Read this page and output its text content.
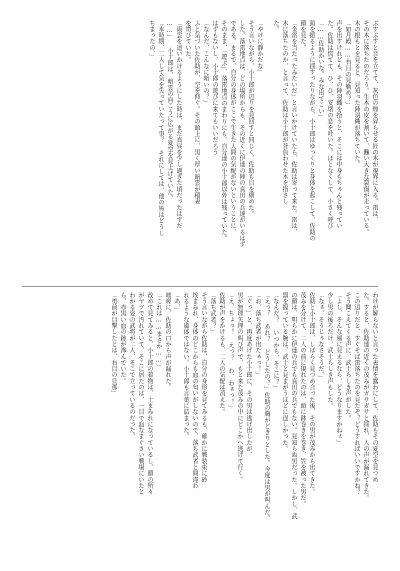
ぶすぶすと音を立てて、灰色の煙を昇らせる匠の木が視界に入る。雷は、
その木に落ちたのだろう。生木の皮を割いて、醜い大きな裂傷が走っている。
木の根もとを見ると、見知った陣羽織が落ちていた。
「如月殿……右目の見勤め？」
声を出すけれども、その陣羽織を拾うと、そこには中身もちゃんと残ってい
た。佐助は慌てて、ひ、ひ、安堵の息を吐いた。ほとなくして、小さく呼び
「……佐助かいな。みな出てこい」
頭を振るように揺すったりながら、小十郎はゆっくりと身体を起こして、佐助の
顔を見た。
「金雷を当たったみたいだ」と言いかけていたら、佐助は寄って来た。雷は、
木に落ちたのか、と言って、佐助は小十郎が背負わせた木を指さし
た。
「やけに静かだな」
そう言いながら、小十郎が辺りを見回すと同じく、佐助も目を細めた。
した。落雷地点は、どの場所からも、その近くに伊達の陣の真田の兵達がいるはず
である。まるで、自分の身体がここで生きた人間の気配がないということに、
そのまま、「遊ぶ」、落雷地点のまわりにも、自分達の小十郎以外は残っていた。
はずもないし、小十郎の遊びに来てもいいだろう
「なんだ、こんなに暗いの？」
ふと気づいた佐助が、空を仰ぐ。その頭上に、黒く厚い暗雲が稲妻
を帯びていた。
「雨雲を追いかけるようにした時は、まだ真昼を少し過ぎた頃だったはずだ
……」 小十郎は、暗雲の向こうに広がる夏空を見上げていた。
「本時期、二人して気を失っていたって事？ それにしては、他の皆はどうし
ちまったの、」
わけが解らないと言った表情を露わにして、佐助もその夏空を見つめ
た。すると、佐助達の近くの茂みがガサガサと揺れ、人の声が漏れてきた。
この辺りだと、すぐそば雷落ちたのを見たぞ？どうすればいいですかね？
そう聞こえてくる声に、武士らしき声がした。
「よし、そんな風に見えるなら、どうなりますかねぇ」
少し男の後ろだけ、武士らしき声もした。
「なぁ、そうじゃなさそうだ。」
佐助と小十郎は、しばらく見つめ合った後、その男が茂みから出てきた。
茂みを分けて、二人の前に現れたのは、頭に鉢巻きを巻き、笠を被った男だ。
の顔は、明らかに伊達の兵でも真田の兵でもない。見知らぬ男だった。しかし、武
器を握っている腕は、武士と見まがうほどに逞しかった。
「なんだ？ いつから、そこに？」
「えっ？ あれ？ どうしたの？」佐助の胸がどきりとした。今度は男が叫んだ。
「お、落ち武者が出たぁっ！」
「ぐっ」と、再度あげた小十郎に、その男は逃げ出したが、
男が無理矢理の叫び声で、もと来た茂みの中にどこかへ逃げて行く。
「え、ちょっ！ えっ？ わ、わぁっ！」
佐助が声をかけるも、二人の気配は消えた。
「落ち武者？」
そう言いながら佐助は、自分の身形を見てみるも、確かに戦装束に砂
埃まみれ、身体のどこからも血の匂いがしないので、落ち武者と間違わ
れるような風体ではない。小十郎も言葉に詰まった。
「あ、」
咄嗟に、佐助の口から声が漏れた。
「これは……まさか……」
改めて見てみると、小十郎の着物は、土まみれになっているし、顔の所々
がヤツで汚れていて、そこに居たのは、一目で血なまぐさい戦場にいたと
わかる姿の武将が二人、そこで立っているのだった。
ら、赤黒い血の跡が滲んでいた。
「勇前が目撃したとは、右目の旦那」
